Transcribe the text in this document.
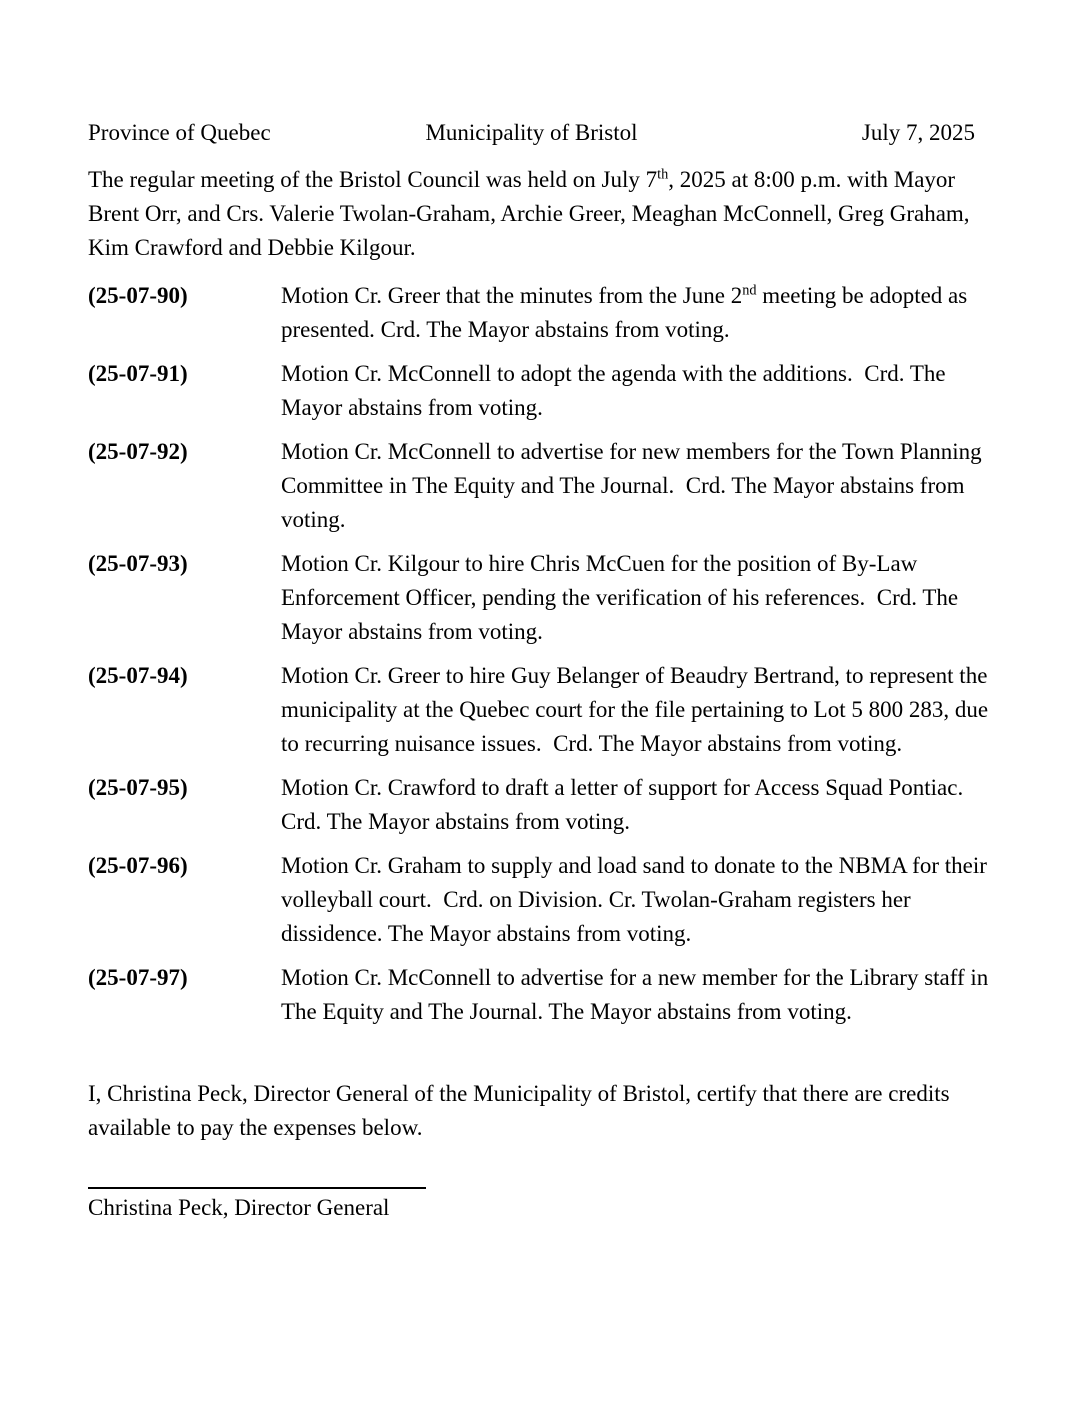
Province of Quebec	Municipality of Bristol	July 7, 2025

The regular meeting of the Bristol Council was held on July 7th, 2025 at 8:00 p.m. with Mayor Brent Orr, and Crs. Valerie Twolan-Graham, Archie Greer, Meaghan McConnell, Greg Graham, Kim Crawford and Debbie Kilgour.

(25-07-90)	Motion Cr. Greer that the minutes from the June 2nd meeting be adopted as presented. Crd. The Mayor abstains from voting.
(25-07-91)	Motion Cr. McConnell to adopt the agenda with the additions.  Crd. The Mayor abstains from voting.
(25-07-92)	Motion Cr. McConnell to advertise for new members for the Town Planning Committee in The Equity and The Journal.  Crd. The Mayor abstains from voting.
(25-07-93)	Motion Cr. Kilgour to hire Chris McCuen for the position of By-Law Enforcement Officer, pending the verification of his references.  Crd. The Mayor abstains from voting.
(25-07-94)	Motion Cr. Greer to hire Guy Belanger of Beaudry Bertrand, to represent the municipality at the Quebec court for the file pertaining to Lot 5 800 283, due to recurring nuisance issues.  Crd. The Mayor abstains from voting.
(25-07-95)	Motion Cr. Crawford to draft a letter of support for Access Squad Pontiac.  Crd. The Mayor abstains from voting.
(25-07-96)	Motion Cr. Graham to supply and load sand to donate to the NBMA for their volleyball court.  Crd. on Division. Cr. Twolan-Graham registers her dissidence. The Mayor abstains from voting.
(25-07-97)	Motion Cr. McConnell to advertise for a new member for the Library staff in The Equity and The Journal. The Mayor abstains from voting.

I, Christina Peck, Director General of the Municipality of Bristol, certify that there are credits available to pay the expenses below.

Christina Peck, Director General
